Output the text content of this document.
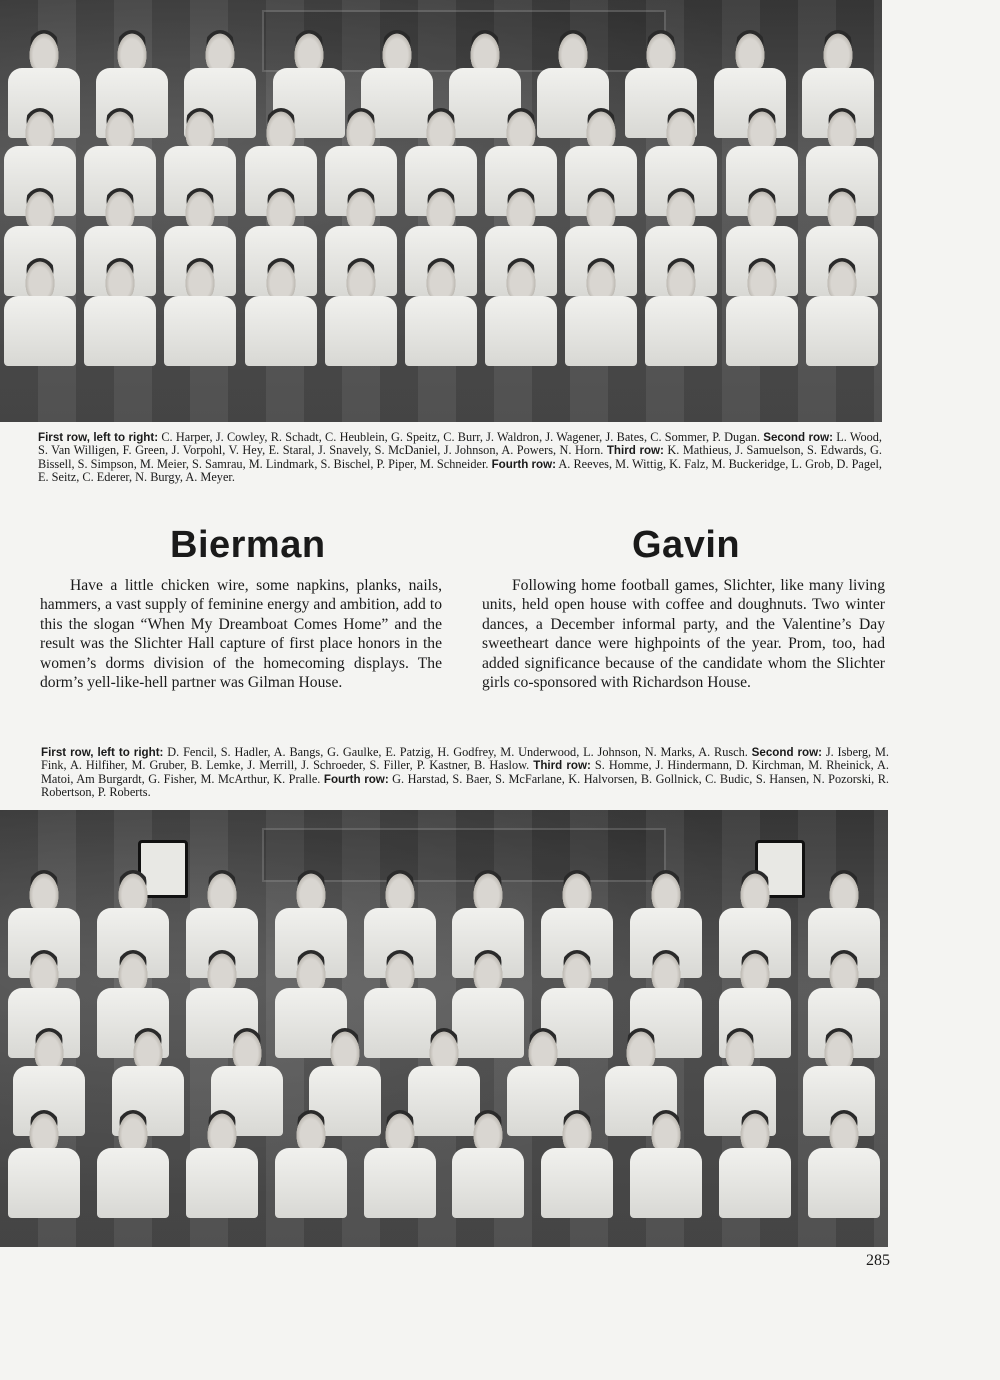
First row, left to right: C. Harper, J. Cowley, R. Schadt, C. Heublein, G. Speitz, C. Burr, J. Waldron, J. Wagener, J. Bates, C. Sommer, P. Dugan. Second row: L. Wood, S. Van Willigen, F. Green, J. Vorpohl, V. Hey, E. Staral, J. Snavely, S. McDaniel, J. Johnson, A. Powers, N. Horn. Third row: K. Mathieus, J. Samuelson, S. Edwards, G. Bissell, S. Simpson, M. Meier, S. Samrau, M. Lindmark, S. Bischel, P. Piper, M. Schneider. Fourth row: A. Reeves, M. Wittig, K. Falz, M. Buckeridge, L. Grob, D. Pagel, E. Seitz, C. Ederer, N. Burgy, A. Meyer.
Bierman	Gavin

Have a little chicken wire, some napkins, planks, nails, hammers, a vast supply of feminine energy and ambition, add to this the slogan “When My Dreamboat Comes Home” and the result was the Slichter Hall capture of first place honors in the women’s dorms division of the homecoming displays. The dorm’s yell-like-hell partner was Gilman House.

Following home football games, Slichter, like many living units, held open house with coffee and doughnuts. Two winter dances, a December informal party, and the Valentine’s Day sweetheart dance were highpoints of the year. Prom, too, had added significance because of the candidate whom the Slichter girls co-sponsored with Richardson House.

First row, left to right: D. Fencil, S. Hadler, A. Bangs, G. Gaulke, E. Patzig, H. Godfrey, M. Underwood, L. Johnson, N. Marks, A. Rusch. Second row: J. Isberg, M. Fink, A. Hilfiher, M. Gruber, B. Lemke, J. Merrill, J. Schroeder, S. Filler, P. Kastner, B. Haslow. Third row: S. Homme, J. Hindermann, D. Kirchman, M. Rheinick, A. Matoi, Am Burgardt, G. Fisher, M. McArthur, K. Pralle. Fourth row: G. Harstad, S. Baer, S. McFarlane, K. Halvorsen, B. Gollnick, C. Budic, S. Hansen, N. Pozorski, R. Robertson, P. Roberts.
285
